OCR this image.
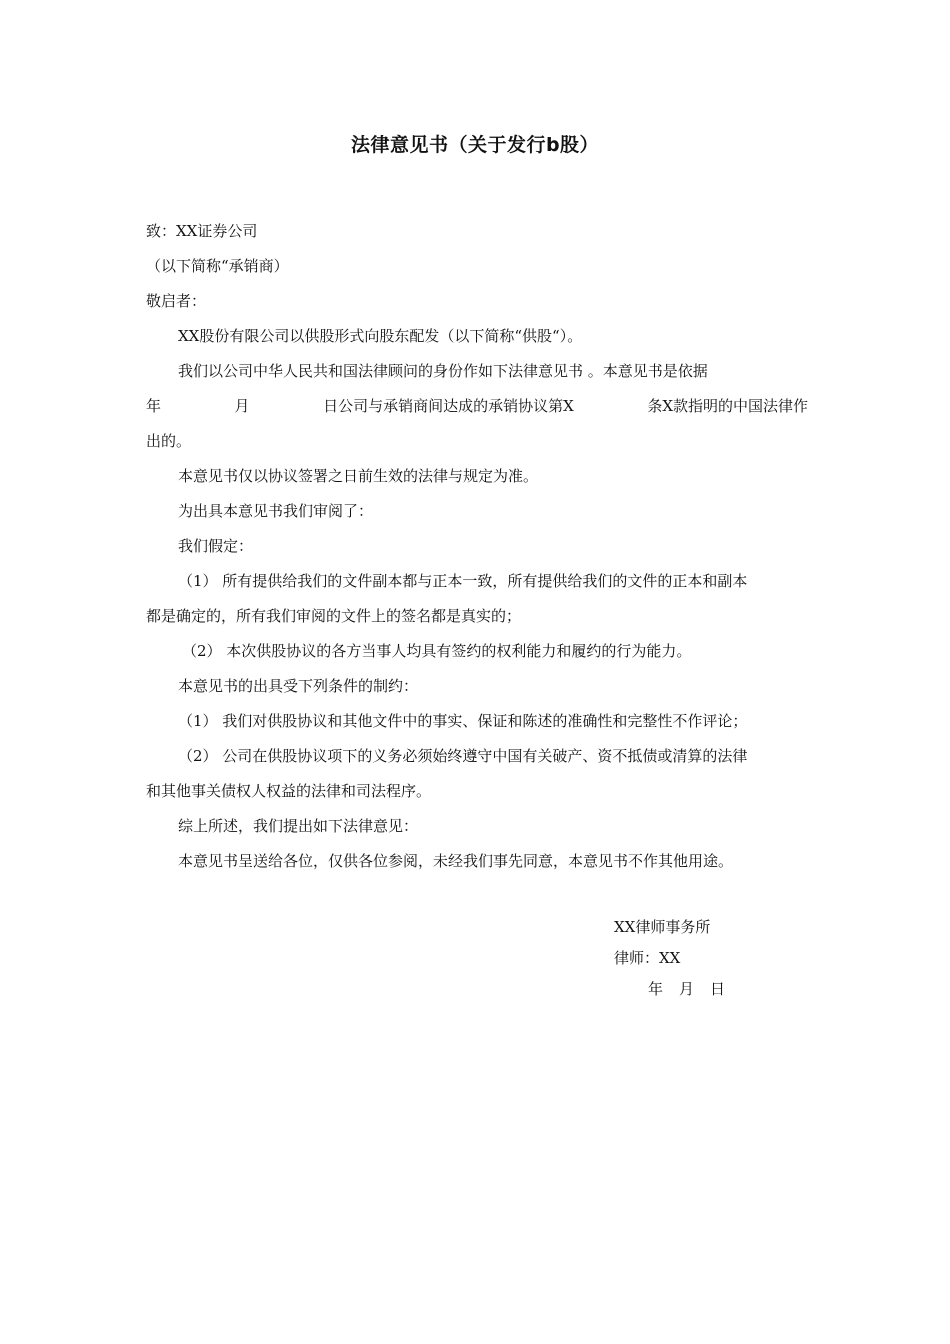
法律意见书（关于发行b股）
致：XX证券公司
（以下简称“承销商）
敬启者：
XX股份有限公司以供股形式向股东配发（以下简称“供股“）。
我们以公司中华人民共和国法律顾问的身份作如下法律意见书 。本意见书是依据
年	月	日公司与承销商间达成的承销协议第X	条X款指明的中国法律作
出的。
本意见书仅以协议签署之日前生效的法律与规定为准。
为出具本意见书我们审阅了：
我们假定：
（1） 所有提供给我们的文件副本都与正本一致，所有提供给我们的文件的正本和副本
都是确定的，所有我们审阅的文件上的签名都是真实的；
（2） 本次供股协议的各方当事人均具有签约的权利能力和履约的行为能力。
本意见书的出具受下列条件的制约：
（1） 我们对供股协议和其他文件中的事实、保证和陈述的准确性和完整性不作评论；
（2） 公司在供股协议项下的义务必须始终遵守中国有关破产、资不抵债或清算的法律
和其他事关债权人权益的法律和司法程序。
综上所述，我们提出如下法律意见：
本意见书呈送给各位，仅供各位参阅，未经我们事先同意，本意见书不作其他用途。
XX律师事务所
律师：XX
年月日
